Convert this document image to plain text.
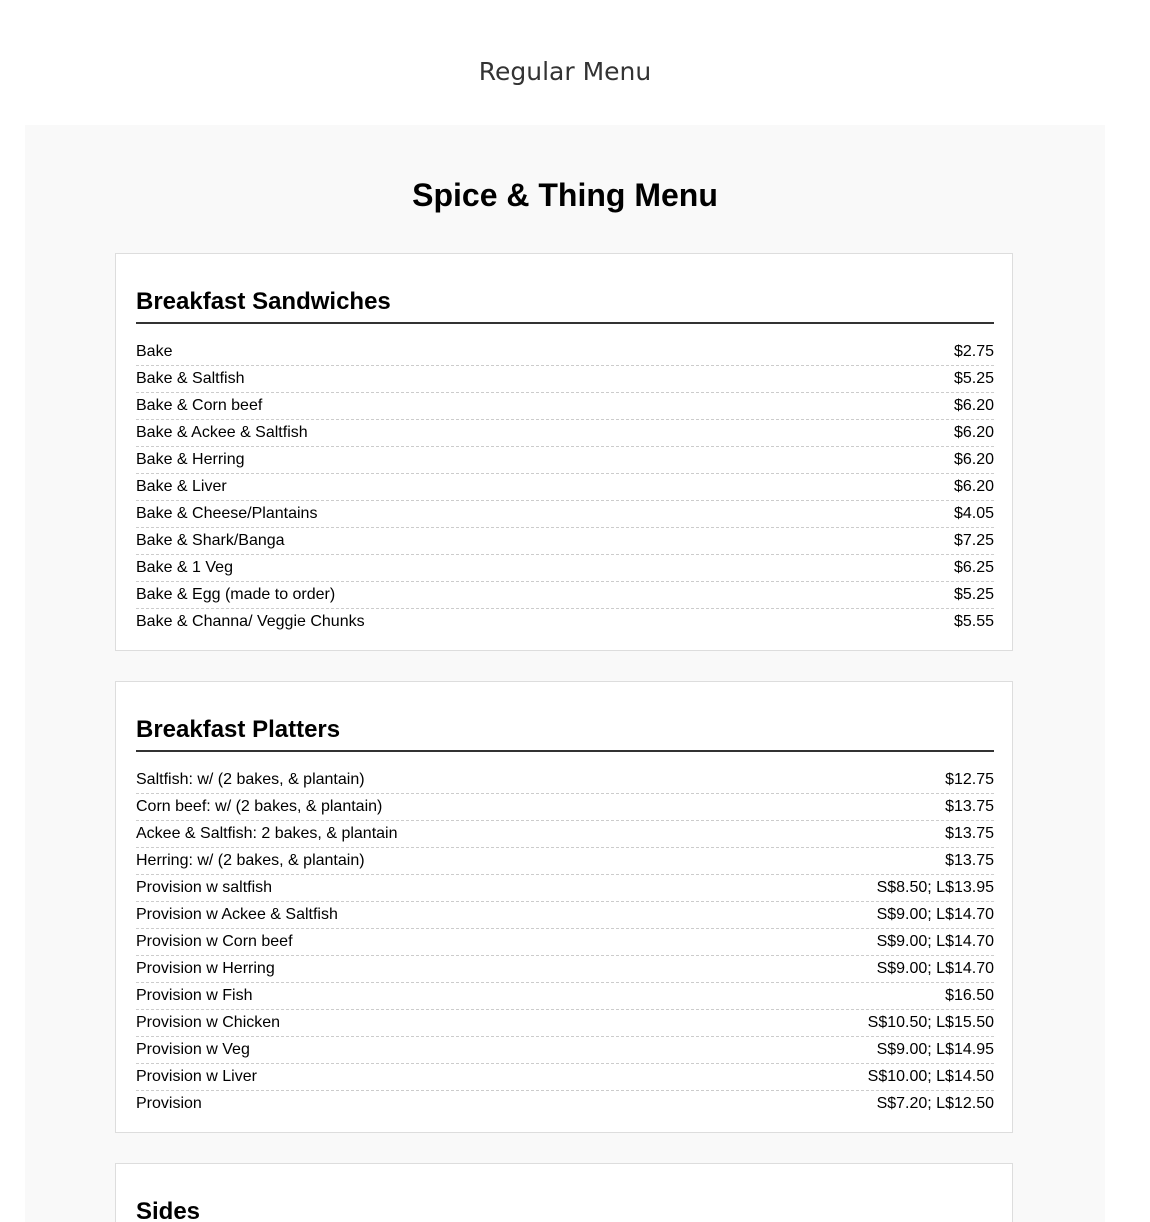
Regular Menu
Spice & Thing Menu
Breakfast Sandwiches
Bake	$2.75
Bake & Saltfish	$5.25
Bake & Corn beef	$6.20
Bake & Ackee & Saltfish	$6.20
Bake & Herring	$6.20
Bake & Liver	$6.20
Bake & Cheese/Plantains	$4.05
Bake & Shark/Banga	$7.25
Bake & 1 Veg	$6.25
Bake & Egg (made to order)	$5.25
Bake & Channa/ Veggie Chunks	$5.55
Breakfast Platters
Saltfish: w/ (2 bakes, & plantain)	$12.75
Corn beef: w/ (2 bakes, & plantain)	$13.75
Ackee & Saltfish: 2 bakes, & plantain	$13.75
Herring: w/ (2 bakes, & plantain)	$13.75
Provision w saltfish	S$8.50; L$13.95
Provision w Ackee & Saltfish	S$9.00; L$14.70
Provision w Corn beef	S$9.00; L$14.70
Provision w Herring	S$9.00; L$14.70
Provision w Fish	$16.50
Provision w Chicken	S$10.50; L$15.50
Provision w Veg	S$9.00; L$14.95
Provision w Liver	S$10.00; L$14.50
Provision	S$7.20; L$12.50
Sides
